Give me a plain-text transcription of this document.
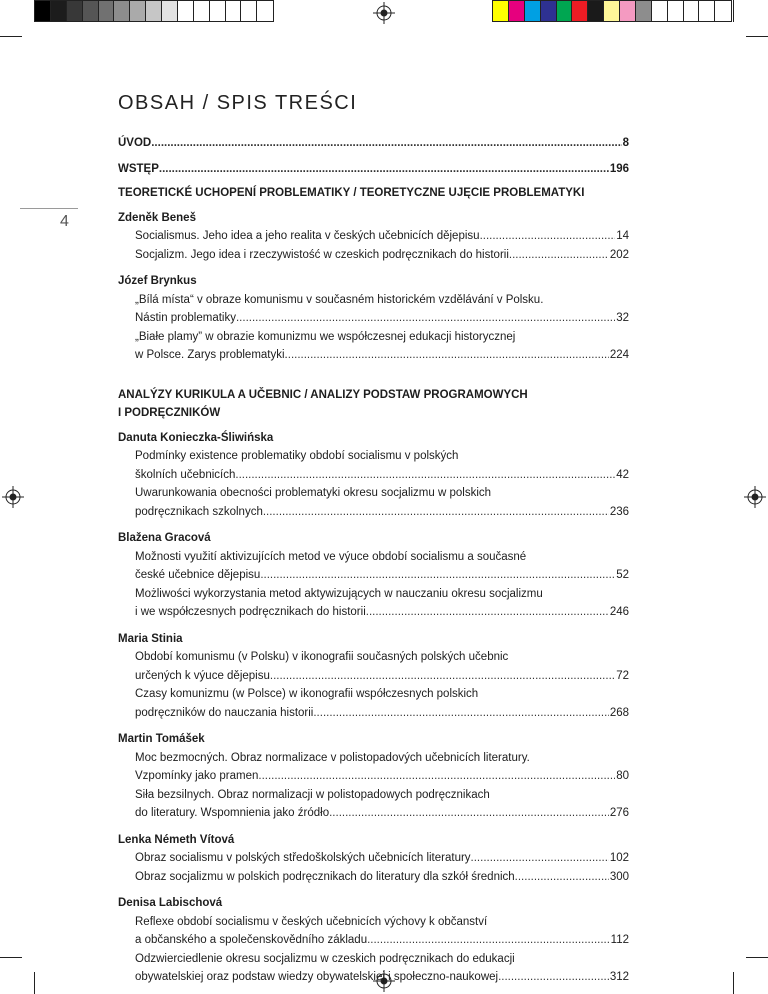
OBSAH / SPIS TREŚCI
4
ÚVOD .....	8
WSTĘP .....	196
TEORETICKÉ UCHOPENÍ PROBLEMATIKY / TEORETYCZNE UJĘCIE PROBLEMATYKI
Zdeněk Beneš
Socialismus. Jeho idea a jeho realita v českých učebnicích dějepisu .....	14
Socjalizm. Jego idea i rzeczywistość w czeskich podręcznikach do historii .....	202
Józef Brynkus
„Bílá místa“ v obraze komunismu v současném historickém vzdělávání v Polsku.
Nástin problematiky .....	32
„Białe plamy” w obrazie komunizmu we współczesnej edukacji historycznej
w Polsce. Zarys problematyki. .....	224
ANALÝZY KURIKULA A UČEBNIC / ANALIZY PODSTAW PROGRAMOWYCH
I PODRĘCZNIKÓW
Danuta Konieczka-Śliwińska
Podmínky existence problematiky období socialismu v polských
školních učebnicích .....	42
Uwarunkowania obecności problematyki okresu socjalizmu w polskich
podręcznikach szkolnych .....	236
Blažena Gracová
Možnosti využití aktivizujících metod ve výuce období socialismu a současné
české učebnice dějepisu .....	52
Możliwości wykorzystania metod aktywizujących w nauczaniu okresu socjalizmu
i we współczesnych podręcznikach do historii .....	246
Maria Stinia
Období komunismu (v Polsku) v ikonografii současných polských učebnic
určených k výuce dějepisu .....	72
Czasy komunizmu (w Polsce) w ikonografii współczesnych polskich
podręczników do nauczania historii .....	268
Martin Tomášek
Moc bezmocných. Obraz normalizace v polistopadových učebnicích literatury.
Vzpomínky jako pramen .....	80
Siła bezsilnych. Obraz normalizacji w polistopadowych podręcznikach
do literatury. Wspomnienia jako źródło .....	276
Lenka Németh Vítová
Obraz socialismu v polských středoškolských učebnicích literatury .....	102
Obraz socjalizmu w polskich podręcznikach do literatury dla szkół średnich .....	300
Denisa Labischová
Reflexe období socialismu v českých učebnicích výchovy k občanství
a občanského a společenskovědního základu .....	112
Odzwierciedlenie okresu socjalizmu w czeskich podręcznikach do edukacji
obywatelskiej oraz podstaw wiedzy obywatelskiej i społeczno-naukowej .....	312
